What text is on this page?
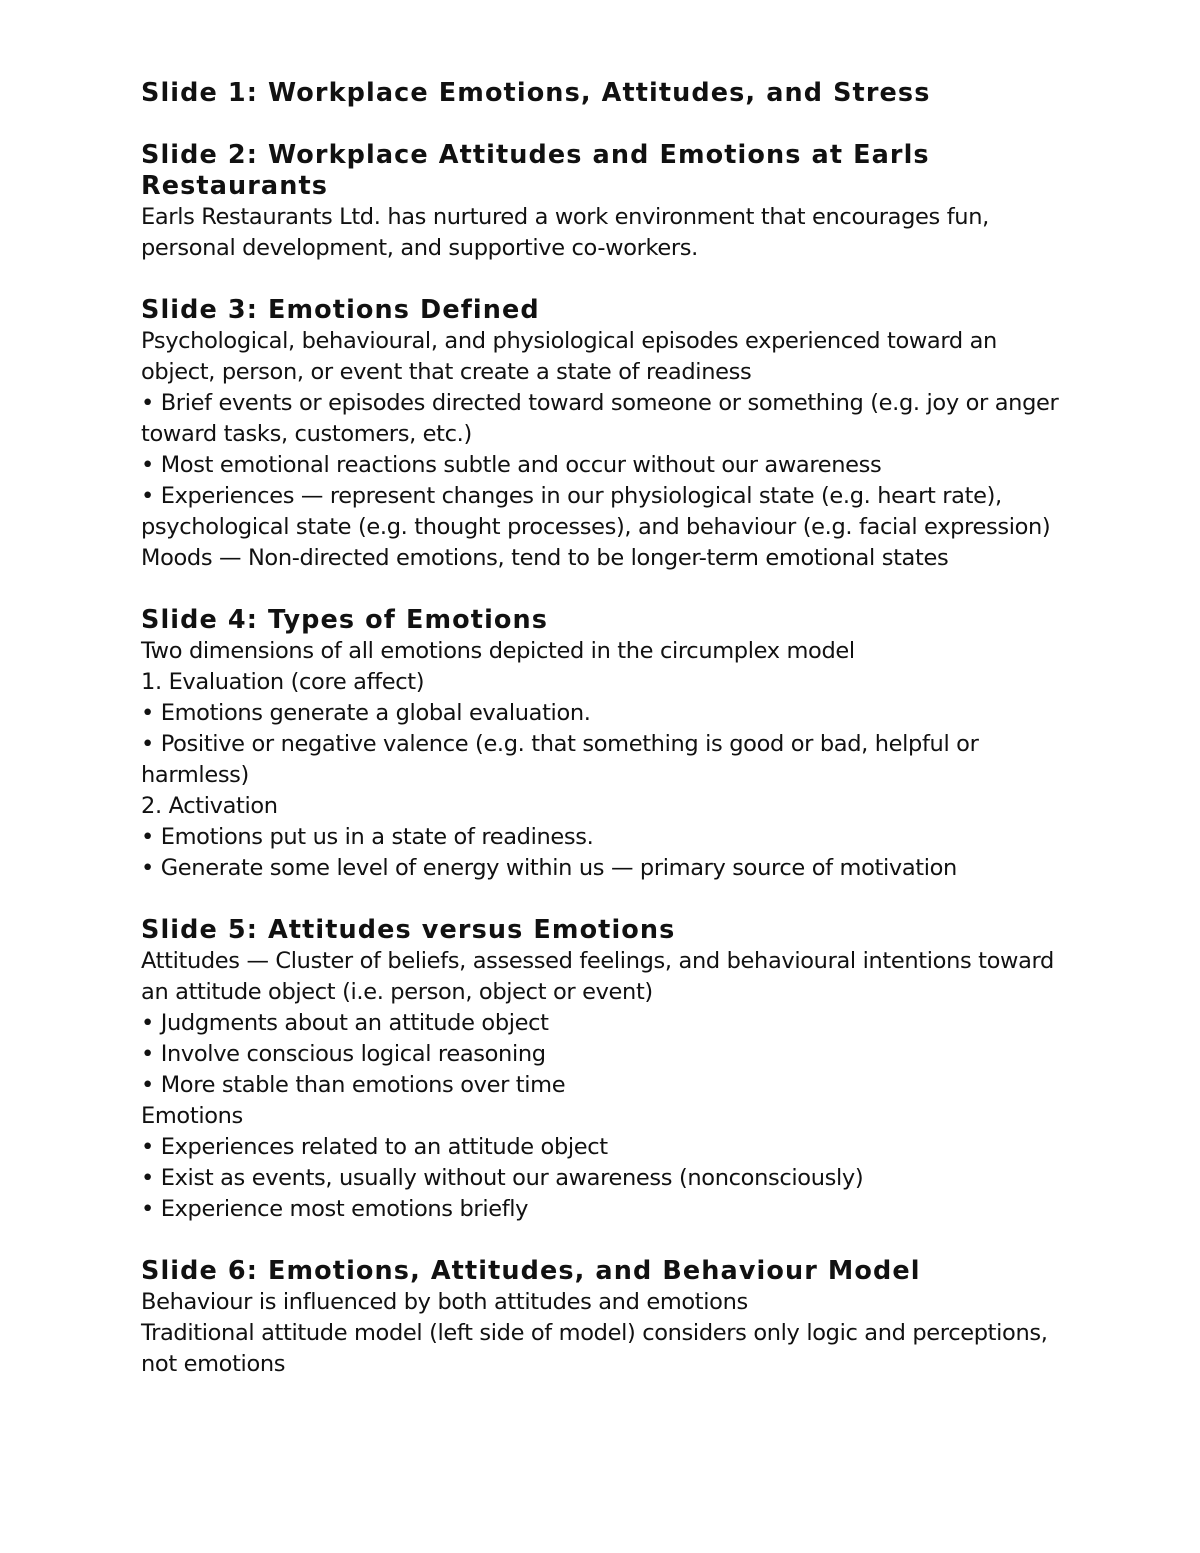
Slide 1: Workplace Emotions, Attitudes, and Stress
Slide 2: Workplace Attitudes and Emotions at Earls Restaurants

Earls Restaurants Ltd. has nurtured a work environment that encourages fun, personal development, and supportive co-workers.

Slide 3: Emotions Defined

Psychological, behavioural, and physiological episodes experienced toward an object, person, or event that create a state of readiness

• Brief events or episodes directed toward someone or something (e.g. joy or anger toward tasks, customers, etc.)

• Most emotional reactions subtle and occur without our awareness

• Experiences — represent changes in our physiological state (e.g. heart rate), psychological state (e.g. thought processes), and behaviour (e.g. facial expression)

Moods — Non-directed emotions, tend to be longer-term emotional states

Slide 4: Types of Emotions

Two dimensions of all emotions depicted in the circumplex model

1. Evaluation (core affect)

• Emotions generate a global evaluation.

• Positive or negative valence (e.g. that something is good or bad, helpful or harmless)

2. Activation

• Emotions put us in a state of readiness.

• Generate some level of energy within us — primary source of motivation

Slide 5: Attitudes versus Emotions

Attitudes — Cluster of beliefs, assessed feelings, and behavioural intentions toward an attitude object (i.e. person, object or event)

• Judgments about an attitude object

• Involve conscious logical reasoning

• More stable than emotions over time

Emotions

• Experiences related to an attitude object

• Exist as events, usually without our awareness (nonconsciously)

• Experience most emotions briefly

Slide 6: Emotions, Attitudes, and Behaviour Model

Behaviour is influenced by both attitudes and emotions

Traditional attitude model (left side of model) considers only logic and perceptions, not emotions
